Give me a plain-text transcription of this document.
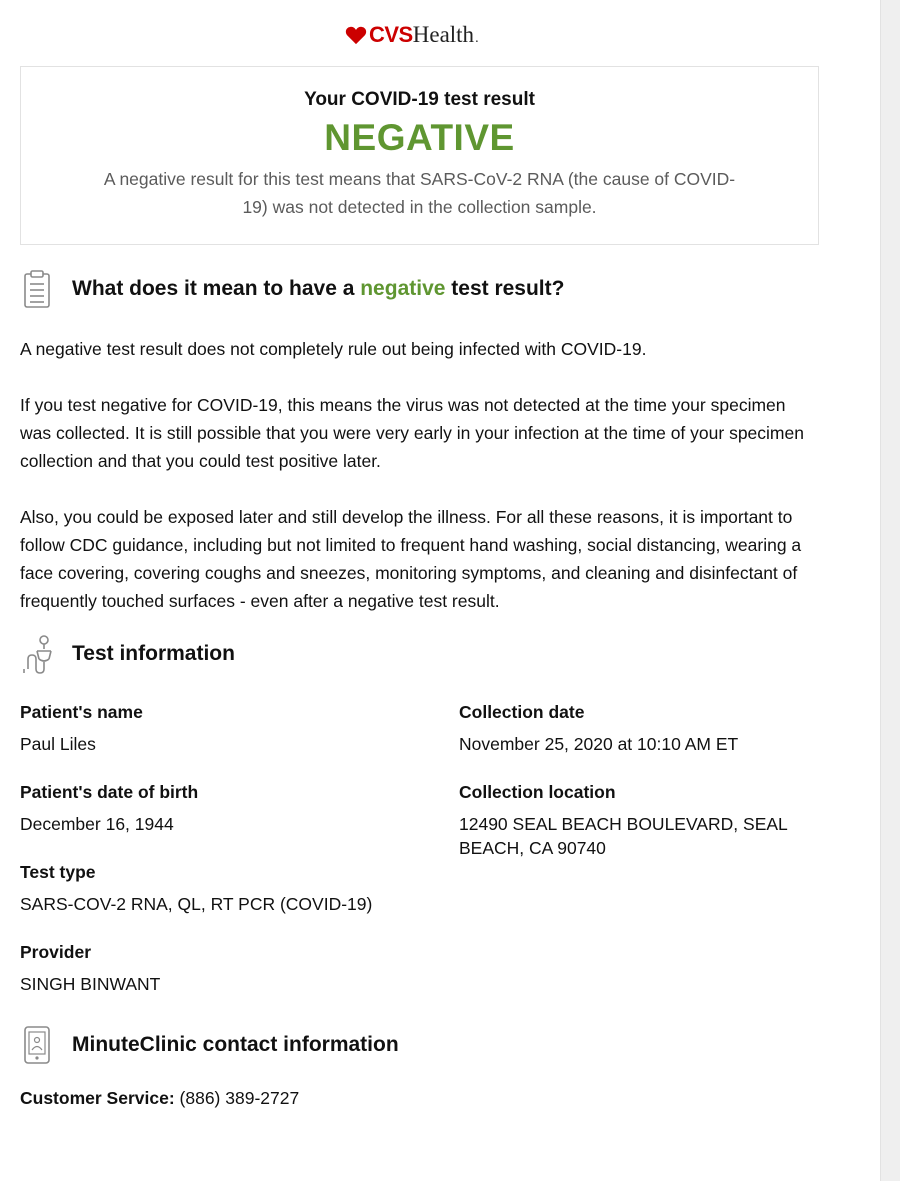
CVS Health .
Your COVID-19 test result
NEGATIVE
A negative result for this test means that SARS-CoV-2 RNA (the cause of COVID-19) was not detected in the collection sample.
What does it mean to have a negative test result?
A negative test result does not completely rule out being infected with COVID-19.
If you test negative for COVID-19, this means the virus was not detected at the time your specimen was collected. It is still possible that you were very early in your infection at the time of your specimen collection and that you could test positive later.
Also, you could be exposed later and still develop the illness. For all these reasons, it is important to follow CDC guidance, including but not limited to frequent hand washing, social distancing, wearing a face covering, covering coughs and sneezes, monitoring symptoms, and cleaning and disinfectant of frequently touched surfaces - even after a negative test result.
Test information
Patient's name
Paul Liles
Patient's date of birth
December 16, 1944
Test type
SARS-COV-2 RNA, QL, RT PCR (COVID-19)
Provider
SINGH BINWANT
Collection date
November 25, 2020 at 10:10 AM ET
Collection location
12490 SEAL BEACH BOULEVARD, SEAL BEACH, CA 90740
MinuteClinic contact information
Customer Service: (886) 389-2727
